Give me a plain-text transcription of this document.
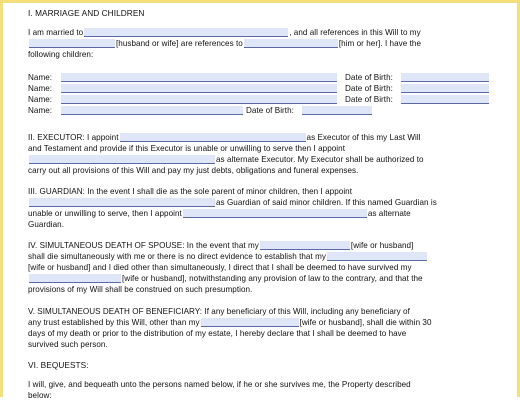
I. MARRIAGE AND CHILDREN
I am married to	, and all references in this Will to my
[husband or wife] are references to	[him or her]. I have the
following children:
Name:	Date of Birth:
Name:	Date of Birth:
Name:	Date of Birth:
Name:	Date of Birth:
II. EXECUTOR: I appoint	as Executor of this my Last Will
and Testament and provide if this Executor is unable or unwilling to serve then I appoint
as alternate Executor. My Executor shall be authorized to
carry out all provisions of this Will and pay my just debts, obligations and funeral expenses.
III. GUARDIAN: In the event I shall die as the sole parent of minor children, then I appoint
as Guardian of said minor children. If this named Guardian is
unable or unwilling to serve, then I appoint	as alternate
Guardian.
IV. SIMULTANEOUS DEATH OF SPOUSE: In the event that my	[wife or husband]
shall die simultaneously with me or there is no direct evidence to establish that my
[wife or husband] and I died other than simultaneously, I direct that I shall be deemed to have survived my
[wife or husband], notwithstanding any provision of law to the contrary, and that the
provisions of my Will shall be construed on such presumption.
V. SIMULTANEOUS DEATH OF BENEFICIARY: If any beneficiary of this Will, including any beneficiary of
any trust established by this Will, other than my	[wife or husband], shall die within 30
days of my death or prior to the distribution of my estate, I hereby declare that I shall be deemed to have
survived such person.
VI. BEQUESTS:
I will, give, and bequeath unto the persons named below, if he or she survives me, the Property described
below:
